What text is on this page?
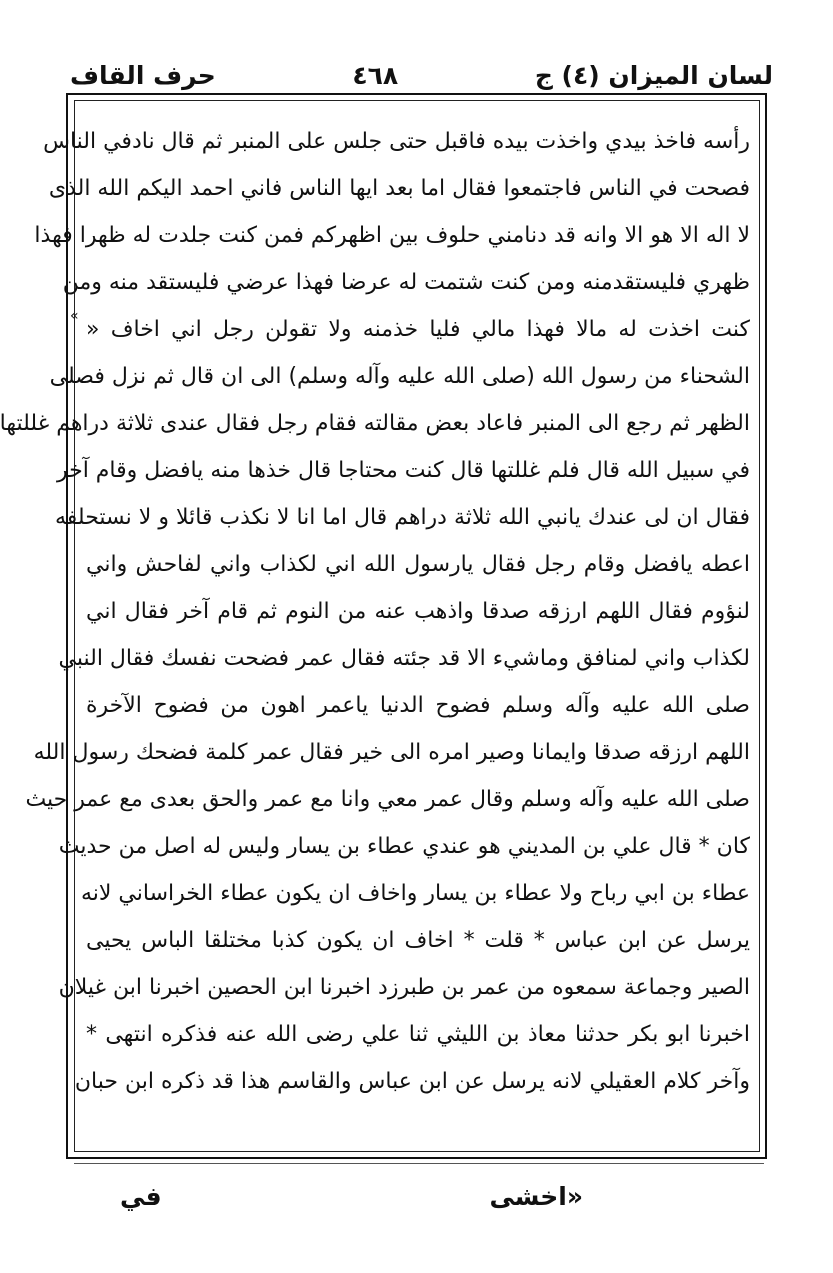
لسان الميزان (٤) ج
٤٦٨
حرف القاف
«
رأسه فاخذ بيدي واخذت بيده فاقبل حتى جلس على المنبر ثم قال نادفي الناس
فصحت في الناس فاجتمعوا فقال اما بعد ايها الناس فاني احمد اليكم الله الذى
لا اله الا هو الا وانه قد دنامني حلوف بين اظهركم فمن كنت جلدت له ظهرا فهذا
ظهري فليستقدمنه ومن كنت شتمت له عرضا فهذا عرضي فليستقد منه ومن
كنت اخذت له مالا فهذا مالي فليا خذمنه ولا تقولن رجل اني اخاف «
الشحناء من رسول الله (صلى الله عليه وآله وسلم) الى ان قال ثم نزل فصلى
الظهر ثم رجع الى المنبر فاعاد بعض مقالته فقام رجل فقال عندى ثلاثة دراهم غللتها
في سبيل الله قال فلم غللتها قال كنت محتاجا قال خذها منه يافضل وقام آخر
فقال ان لى عندك يانبي الله ثلاثة دراهم قال اما انا لا نكذب قائلا و لا نستحلفه
اعطه يافضل وقام رجل فقال يارسول الله اني لكذاب واني لفاحش واني
لنؤوم فقال اللهم ارزقه صدقا واذهب عنه من النوم ثم قام آخر فقال اني
لكذاب واني لمنافق وماشيء الا قد جئته فقال عمر فضحت نفسك فقال النبي
صلى الله عليه وآله وسلم فضوح الدنيا ياعمر اهون من فضوح الآخرة
اللهم ارزقه صدقا وايمانا وصير امره الى خير فقال عمر كلمة فضحك رسول الله
صلى الله عليه وآله وسلم وقال عمر معي وانا مع عمر والحق بعدى مع عمر حيث
كان * قال علي بن المديني هو عندي عطاء بن يسار وليس له اصل من حديث
عطاء بن ابي رباح ولا عطاء بن يسار واخاف ان يكون عطاء الخراساني لانه
يرسل عن ابن عباس * قلت * اخاف ان يكون كذبا مختلقا الباس يحيى
الصير وجماعة سمعوه من عمر بن طبرزد اخبرنا ابن الحصين اخبرنا ابن غيلان
اخبرنا ابو بكر حدثنا معاذ بن الليثي ثنا علي رضى الله عنه فذكره انتهى *
وآخر كلام العقيلي لانه يرسل عن ابن عباس والقاسم هذا قد ذكره ابن حبان
«اخشى
في
